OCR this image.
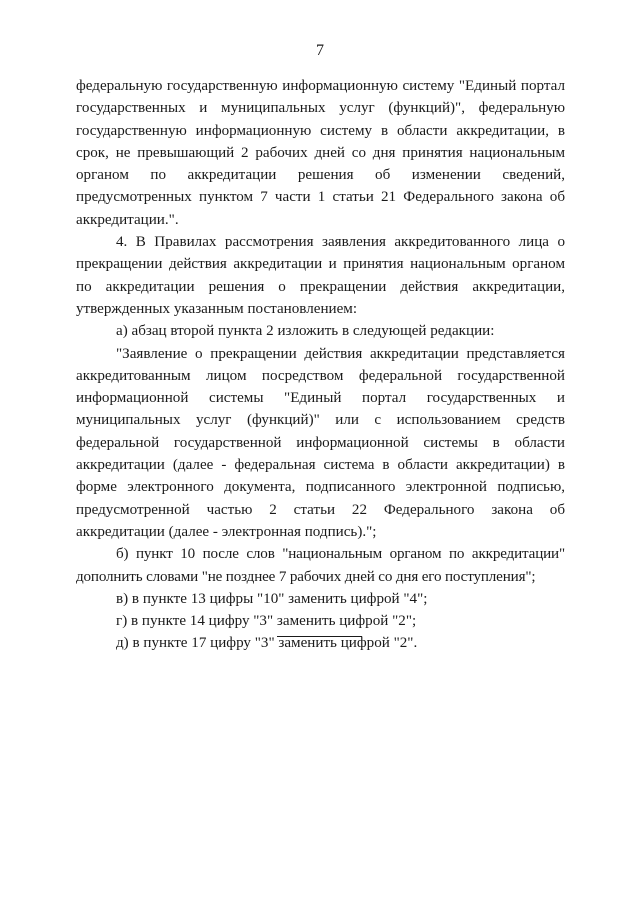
7

федеральную государственную информационную систему "Единый портал государственных и муниципальных услуг (функций)", федеральную государственную информационную систему в области аккредитации, в срок, не превышающий 2 рабочих дней со дня принятия национальным органом по аккредитации решения об изменении сведений, предусмотренных пунктом 7 части 1 статьи 21 Федерального закона об аккредитации.".

4. В Правилах рассмотрения заявления аккредитованного лица о прекращении действия аккредитации и принятия национальным органом по аккредитации решения о прекращении действия аккредитации, утвержденных указанным постановлением:

а) абзац второй пункта 2 изложить в следующей редакции:

"Заявление о прекращении действия аккредитации представляется аккредитованным лицом посредством федеральной государственной информационной системы "Единый портал государственных и муниципальных услуг (функций)" или с использованием средств федеральной государственной информационной системы в области аккредитации (далее - федеральная система в области аккредитации) в форме электронного документа, подписанного электронной подписью, предусмотренной частью 2 статьи 22 Федерального закона об аккредитации (далее - электронная подпись).";

б) пункт 10 после слов "национальным органом по аккредитации" дополнить словами "не позднее 7 рабочих дней со дня его поступления";

в) в пункте 13 цифры "10" заменить цифрой "4";

г) в пункте 14 цифру "3" заменить цифрой "2";

д) в пункте 17 цифру "3" заменить цифрой "2".
